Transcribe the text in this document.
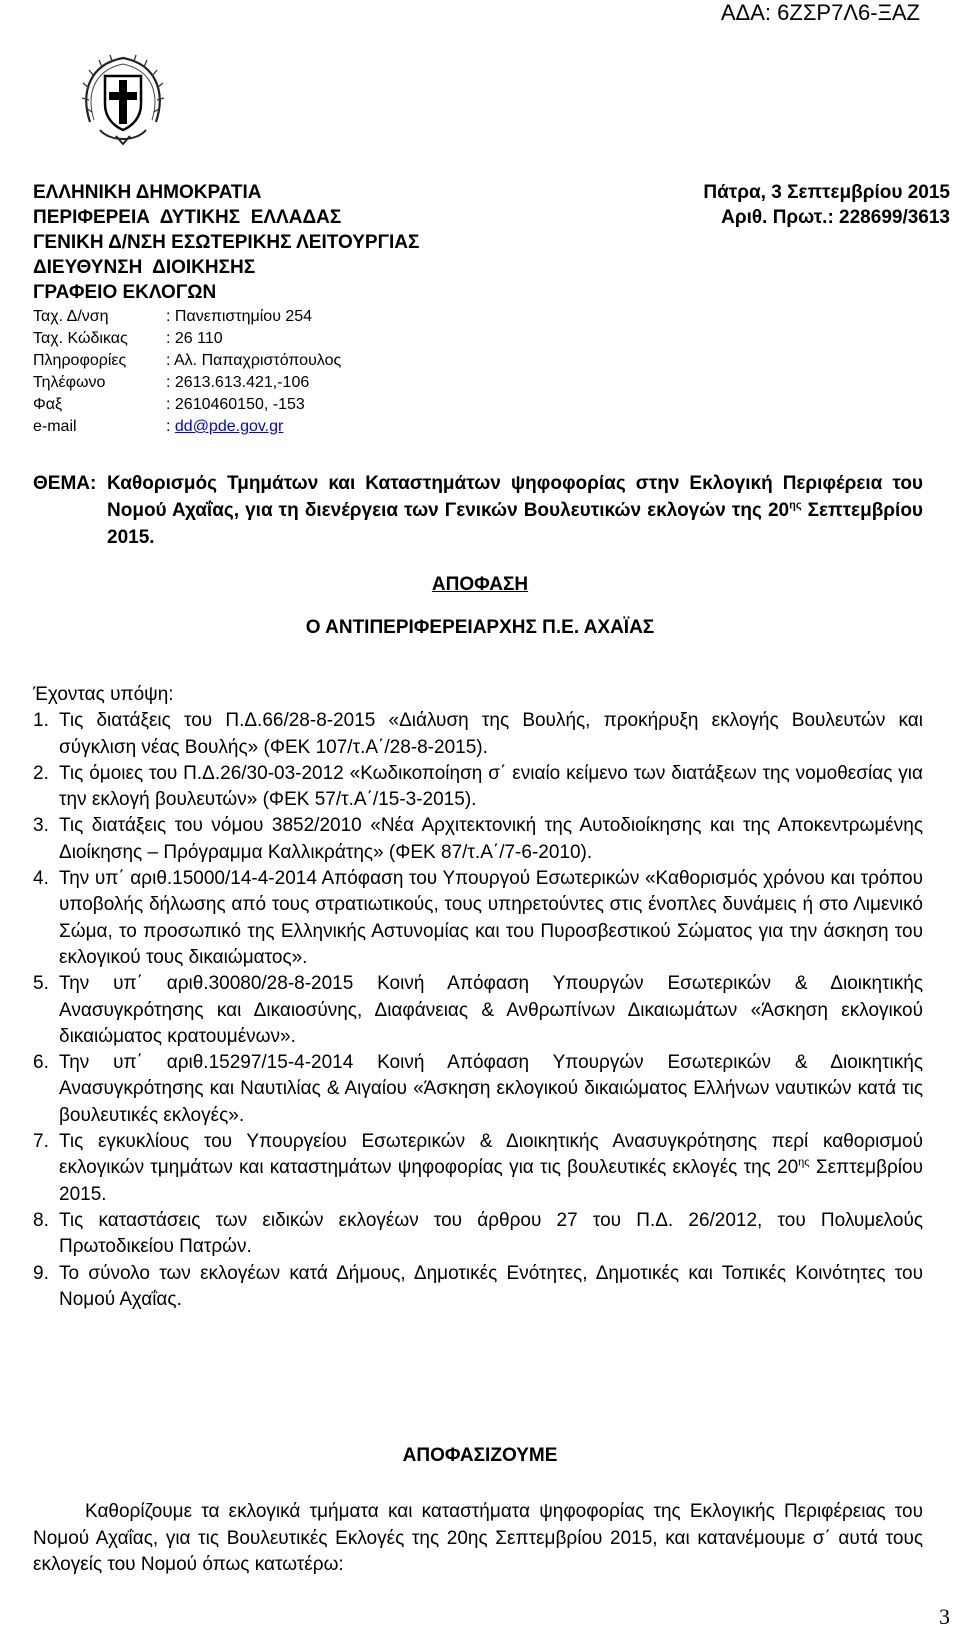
ΑΔΑ: 6ΖΣΡ7Λ6-ΞΑΖ
ΕΛΛΗΝΙΚΗ ΔΗΜΟΚΡΑΤΙΑ
ΠΕΡΙΦΕΡΕΙΑ  ΔΥΤΙΚΗΣ  ΕΛΛΑΔΑΣ
ΓΕΝΙΚΗ Δ/ΝΣΗ ΕΣΩΤΕΡΙΚΗΣ ΛΕΙΤΟΥΡΓΙΑΣ
ΔΙΕΥΘΥΝΣΗ  ΔΙΟΙΚΗΣΗΣ
ΓΡΑΦΕΙΟ ΕΚΛΟΓΩΝ
Πάτρα, 3 Σεπτεμβρίου 2015
Αριθ. Πρωτ.: 228699/3613
Ταχ. Δ/νση	: Πανεπιστημίου 254
Ταχ. Κώδικας	: 26 110
Πληροφορίες	: Αλ. Παπαχριστόπουλος
Τηλέφωνο	: 2613.613.421,-106
Φαξ	: 2610460150, -153
e-mail	: dd@pde.gov.gr
ΘΕΜΑ: Καθορισμός Τμημάτων και Καταστημάτων ψηφοφορίας στην Εκλογική Περιφέρεια του Νομού Αχαΐας, για τη διενέργεια των Γενικών Βουλευτικών εκλογών της $20^{\eta\varsigma}$ Σεπτεμβρίου 2015.
ΑΠΟΦΑΣΗ
Ο ΑΝΤΙΠΕΡΙΦΕΡΕΙΑΡΧΗΣ Π.Ε. ΑΧΑΪΑΣ
Έχοντας υπόψη:
1. Τις διατάξεις του Π.Δ.66/28-8-2015 «Διάλυση της Βουλής, προκήρυξη εκλογής Βουλευτών και σύγκλιση νέας Βουλής» (ΦΕΚ 107/τ.Α΄/28-8-2015).
2. Τις όμοιες του Π.Δ.26/30-03-2012 «Κωδικοποίηση σ΄ ενιαίο κείμενο των διατάξεων της νομοθεσίας για την εκλογή βουλευτών» (ΦΕΚ 57/τ.Α΄/15-3-2015).
3. Τις διατάξεις του νόμου 3852/2010 «Νέα Αρχιτεκτονική της Αυτοδιοίκησης και της Αποκεντρωμένης Διοίκησης – Πρόγραμμα Καλλικράτης» (ΦΕΚ 87/τ.Α΄/7-6-2010).
4. Την υπ΄ αριθ.15000/14-4-2014 Απόφαση του Υπουργού Εσωτερικών «Καθορισμός χρόνου και τρόπου υποβολής δήλωσης από τους στρατιωτικούς, τους υπηρετούντες στις ένοπλες δυνάμεις ή στο Λιμενικό Σώμα, το προσωπικό της Ελληνικής Αστυνομίας και του Πυροσβεστικού Σώματος για την άσκηση του εκλογικού τους δικαιώματος».
5. Την υπ΄ αριθ.30080/28-8-2015 Κοινή Απόφαση Υπουργών Εσωτερικών & Διοικητικής Ανασυγκρότησης και Δικαιοσύνης, Διαφάνειας & Ανθρωπίνων Δικαιωμάτων «Άσκηση εκλογικού δικαιώματος κρατουμένων».
6. Την υπ΄ αριθ.15297/15-4-2014 Κοινή Απόφαση Υπουργών Εσωτερικών & Διοικητικής Ανασυγκρότησης και Ναυτιλίας & Αιγαίου «Άσκηση εκλογικού δικαιώματος Ελλήνων ναυτικών κατά τις βουλευτικές εκλογές».
7. Τις εγκυκλίους του Υπουργείου Εσωτερικών & Διοικητικής Ανασυγκρότησης περί καθορισμού εκλογικών τμημάτων και καταστημάτων ψηφοφορίας για τις βουλευτικές εκλογές της $20^{\eta\varsigma}$ Σεπτεμβρίου 2015.
8. Τις καταστάσεις των ειδικών εκλογέων του άρθρου 27 του Π.Δ. 26/2012, του Πολυμελούς Πρωτοδικείου Πατρών.
9. Το σύνολο των εκλογέων κατά Δήμους, Δημοτικές Ενότητες, Δημοτικές και Τοπικές Κοινότητες του Νομού Αχαΐας.
ΑΠΟΦΑΣΙΖΟΥΜΕ
Καθορίζουμε τα εκλογικά τμήματα και καταστήματα ψηφοφορίας της Εκλογικής Περιφέρειας του Νομού Αχαΐας, για τις Βουλευτικές Εκλογές της 20ης Σεπτεμβρίου 2015, και κατανέμουμε σ΄ αυτά τους εκλογείς του Νομού όπως κατωτέρω:
3
